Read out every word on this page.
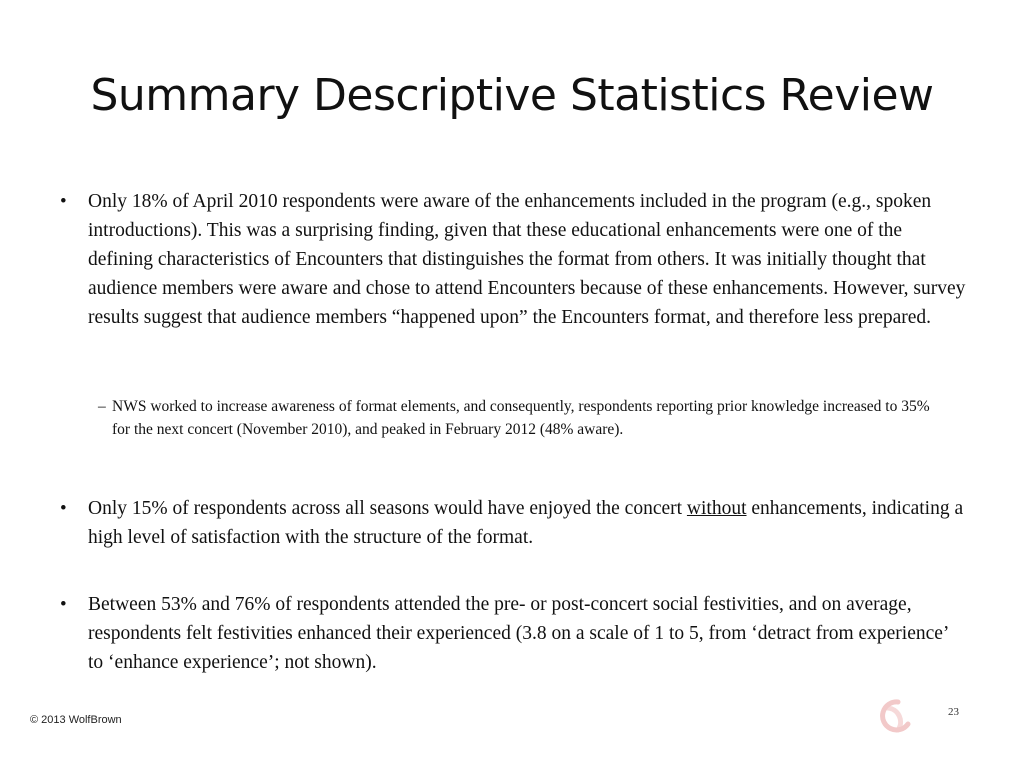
Summary Descriptive Statistics Review
• Only 18% of April 2010 respondents were aware of the enhancements included in the program (e.g., spoken introductions). This was a surprising finding, given that these educational enhancements were one of the defining characteristics of Encounters that distinguishes the format from others. It was initially thought that audience members were aware and chose to attend Encounters because of these enhancements. However, survey results suggest that audience members “happened upon” the Encounters format, and therefore less prepared.
– NWS worked to increase awareness of format elements, and consequently, respondents reporting prior knowledge increased to 35% for the next concert (November 2010), and peaked in February 2012 (48% aware).
• Only 15% of respondents across all seasons would have enjoyed the concert without enhancements, indicating a high level of satisfaction with the structure of the format.
• Between 53% and 76% of respondents attended the pre- or post-concert social festivities, and on average, respondents felt festivities enhanced their experienced (3.8 on a scale of 1 to 5, from ‘detract from experience’ to ‘enhance experience’; not shown).
© 2013 WolfBrown
23
